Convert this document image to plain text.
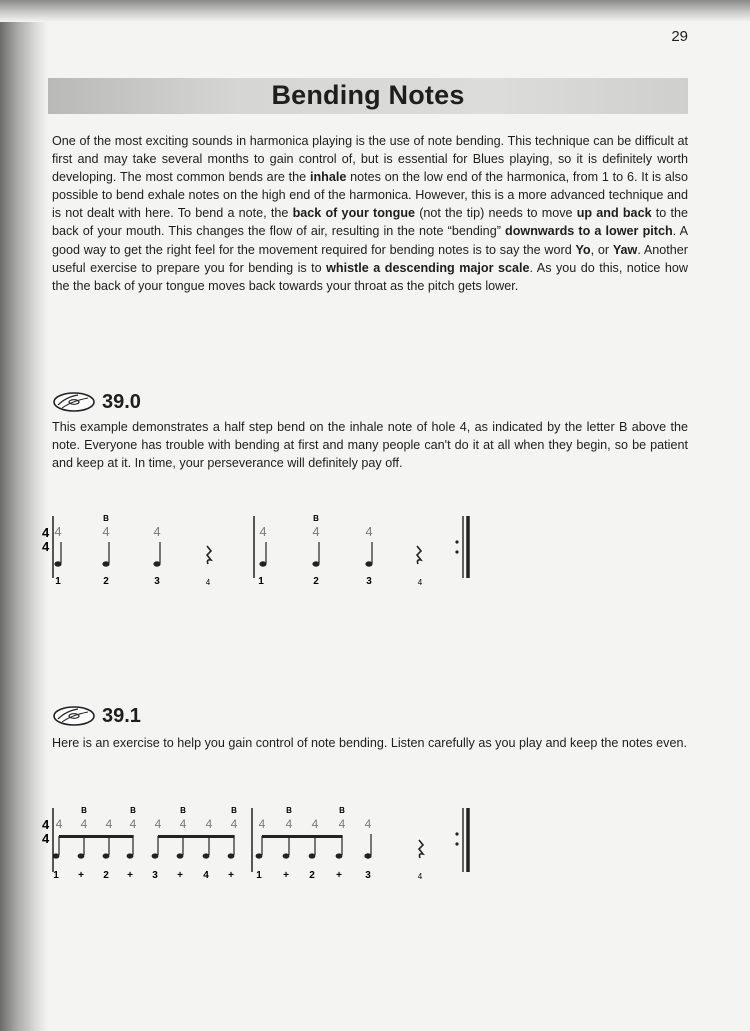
29
Bending Notes
One of the most exciting sounds in harmonica playing is the use of note bending. This technique can be difficult at first and may take several months to gain control of, but is essential for Blues playing, so it is definitely worth developing. The most common bends are the inhale notes on the low end of the harmonica, from 1 to 6. It is also possible to bend exhale notes on the high end of the harmonica. However, this is a more advanced technique and is not dealt with here. To bend a note, the back of your tongue (not the tip) needs to move up and back to the back of your mouth. This changes the flow of air, resulting in the note “bending” downwards to a lower pitch. A good way to get the right feel for the movement required for bending notes is to say the word Yo, or Yaw. Another useful exercise to prepare you for bending is to whistle a descending major scale. As you do this, notice how the the back of your tongue moves back towards your throat as the pitch gets lower.
39.0
This example demonstrates a half step bend on the inhale note of hole 4, as indicated by the letter B above the note. Everyone has trouble with bending at first and many people can't do it at all when they begin, so be patient and keep at it. In time, your perseverance will definitely pay off.
4
4
B	B
4	4	4	4	4	4
1	2	3	4	1	2	3	4
39.1
Here is an exercise to help you gain control of note bending. Listen carefully as you play and keep the notes even.
4
4
B	B	B	B	B	B
4 4 4 4 4 4 4 4 4 4 4 4 4
1 + 2 + 3 + 4 + 1 + 2 + 3	4
